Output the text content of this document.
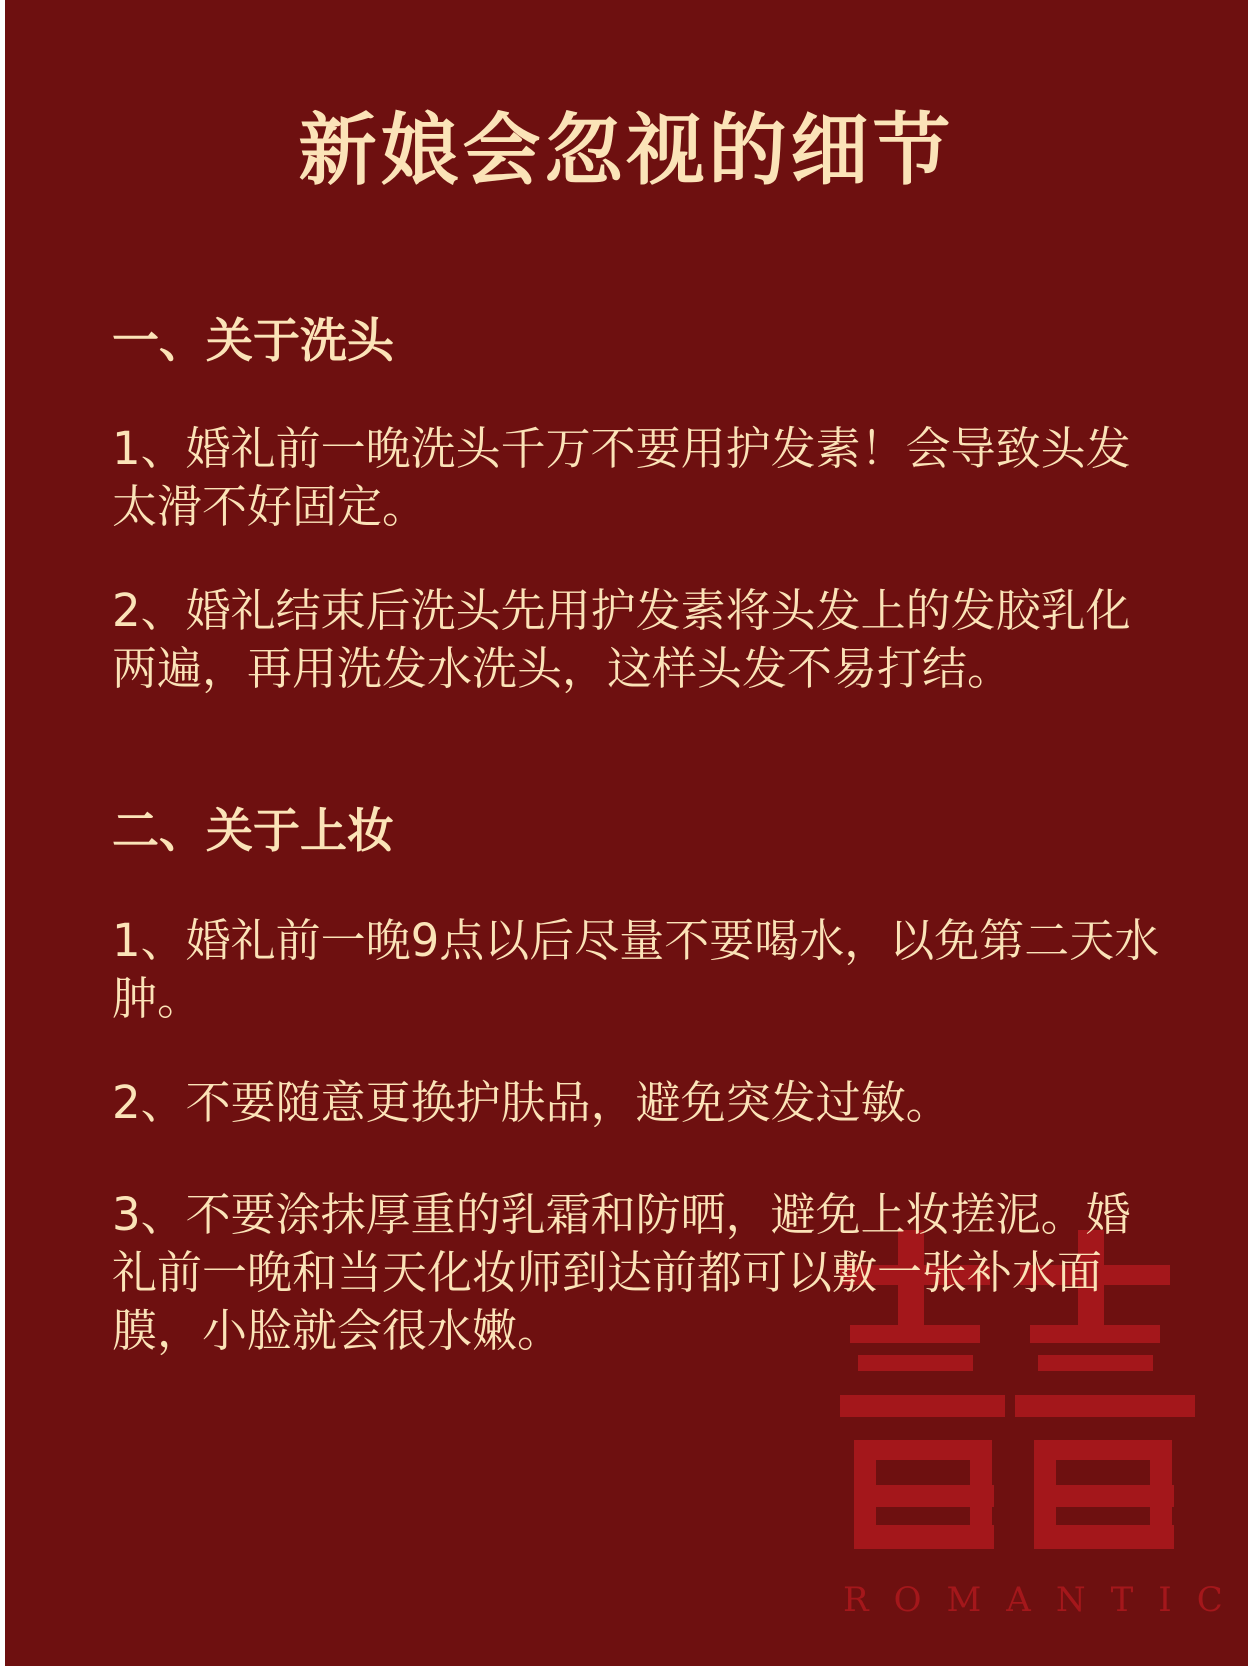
新娘会忽视的细节
一、关于洗头
1、婚礼前一晚洗头千万不要用护发素！会导致头发太滑不好固定。
2、婚礼结束后洗头先用护发素将头发上的发胶乳化两遍，再用洗发水洗头，这样头发不易打结。
二、关于上妆
1、婚礼前一晚9点以后尽量不要喝水，以免第二天水肿。
2、不要随意更换护肤品，避免突发过敏。
3、不要涂抹厚重的乳霜和防晒，避免上妆搓泥。婚礼前一晚和当天化妆师到达前都可以敷一张补水面膜，小脸就会很水嫩。
ROMANTIC
